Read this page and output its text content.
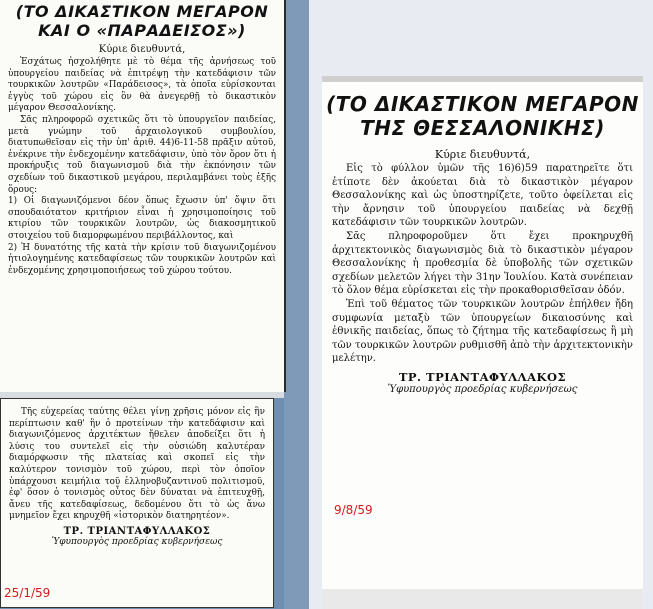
(ΤΟ ΔΙΚΑΣΤΙΚΟΝ ΜΕΓΑΡΟΝ
ΚΑΙ Ο «ΠΑΡΑΔΕΙΣΟΣ»)
Κύριε διευθυντά,

Ἐσχάτως ἠσχολήθητε μὲ τὸ θέμα τῆς ἀρνήσεως τοῦ ὑπουργείου παιδείας νὰ ἐπιτρέψῃ τὴν κατεδάφισιν τῶν τουρκικῶν λουτρῶν «Παράδεισος», τὰ ὁποῖα εὑρίσκονται ἐγγὺς τοῦ χώρου εἰς ὃν θὰ ἀνεγερθῇ τὸ δικαστικὸν μέγαρον Θεσσαλονίκης.

Σᾶς πληροφορῶ σχετικῶς ὅτι τὸ ὑπουργεῖον παιδείας, μετὰ γνώμην τοῦ ἀρχαιολογικοῦ συμβουλίου, διατυπωθεῖσαν εἰς τὴν ὑπ' ἀριθ. 44)6-11-58 πρᾶξιν αὐτοῦ, ἐνέκρινε τὴν ἐνδεχομένην κατεδάφισιν, ὑπὸ τὸν ὅρον ὅτι ἡ προκήρυξις τοῦ διαγωνισμοῦ διὰ τὴν ἐκπόνησιν τῶν σχεδίων τοῦ δικαστικοῦ μεγάρου, περιλαμβάνει τοὺς ἑξῆς ὅρους:

1) Οἱ διαγωνιζόμενοι δέον ὅπως ἔχωσιν ὑπ' ὄψιν ὅτι σπουδαιότατον κριτήριον εἶναι ἡ χρησιμοποίησις τοῦ κτιρίου τῶν τουρκικῶν λουτρῶν, ὡς διακοσμητικοῦ στοιχείου τοῦ διαμορφωμένου περιβάλλοντος, καὶ

2) Ἡ δυνατότης τῆς κατὰ τὴν κρίσιν τοῦ διαγωνιζομένου ἠτιολογημένης κατεδαφίσεως τῶν τουρκικῶν λουτρῶν καὶ ἐνδεχομένης χρησιμοποιήσεως τοῦ χώρου τούτου.

Τῆς εὐχερείας ταύτης θέλει γίνῃ χρῆσις μόνον εἰς ἣν περίπτωσιν καθ' ἣν ὁ προτείνων τὴν κατεδάφισιν καὶ διαγωνιζόμενος ἀρχιτέκτων ἤθελεν ἀποδείξει ὅτι ἡ λύσις του συντελεῖ εἰς τὴν οὐσιώδη καλυτέραν διαμόρφωσιν τῆς πλατείας καὶ σκοπεῖ εἰς τὴν καλύτερον τονισμὸν τοῦ χώρου, περὶ τὸν ὁποῖον ὑπάρχουσι κειμήλια τοῦ ἑλληνοβυζαντινοῦ πολιτισμοῦ, ἐφ' ὅσον ὁ τονισμὸς οὗτος δὲν δύναται νὰ ἐπιτευχθῇ, ἄνευ τῆς κατεδαφίσεως, δεδομένου ὅτι τὸ ὡς ἄνω μνημεῖον ἔχει κηρυχθῆ «ἱστορικὸν διατηρητέον».

ΤΡ. ΤΡΙΑΝΤΑΦΥΛΛΑΚΟΣ
Ὑφυπουργὸς προεδρίας κυβερνήσεως
25/1/59
(ΤΟ ΔΙΚΑΣΤΙΚΟΝ ΜΕΓΑΡΟΝ
ΤΗΣ ΘΕΣΣΑΛΟΝΙΚΗΣ)
Κύριε διευθυντά,

Εἰς τὸ φύλλον ὑμῶν τῆς 16)6)59 παρατηρεῖτε ὅτι ἐτίποτε δὲν ἀκούεται διὰ τὸ δικαστικὸν μέγαρον Θεσσαλονίκης καὶ ὡς ὑποστηρίζετε, τοῦτο ὀφείλεται εἰς τὴν ἄρνησιν τοῦ ὑπουργείου παιδείας νὰ δεχθῇ κατεδάφισιν τῶν τουρκικῶν λουτρῶν.

Σᾶς πληροφοροῦμεν ὅτι ἔχει προκηρυχθῆ ἀρχιτεκτονικὸς διαγωνισμὸς διὰ τὸ δικαστικὸν μέγαρον Θεσσαλονίκης ἡ προθεσμία δὲ ὑποβολῆς τῶν σχετικῶν σχεδίων μελετῶν λήγει τὴν 31ην Ἰουλίου. Κατὰ συνέπειαν τὸ ὅλον θέμα εὑρίσκεται εἰς τὴν προκαθορισθεῖσαν ὁδόν.

Ἐπὶ τοῦ θέματος τῶν τουρκικῶν λουτρῶν ἐπήλθεν ἤδη συμφωνία μεταξὺ τῶν ὑπουργείων δικαιοσύνης καὶ ἐθνικῆς παιδείας, ὅπως τὸ ζήτημα τῆς κατεδαφίσεως ἢ μὴ τῶν τουρκικῶν λουτρῶν ρυθμισθῆ ἀπὸ τὴν ἀρχιτεκτονικὴν μελέτην.

ΤΡ. ΤΡΙΑΝΤΑΦΥΛΛΑΚΟΣ
Ὑφυπουργὸς προεδρίας κυβερνήσεως
9/8/59
